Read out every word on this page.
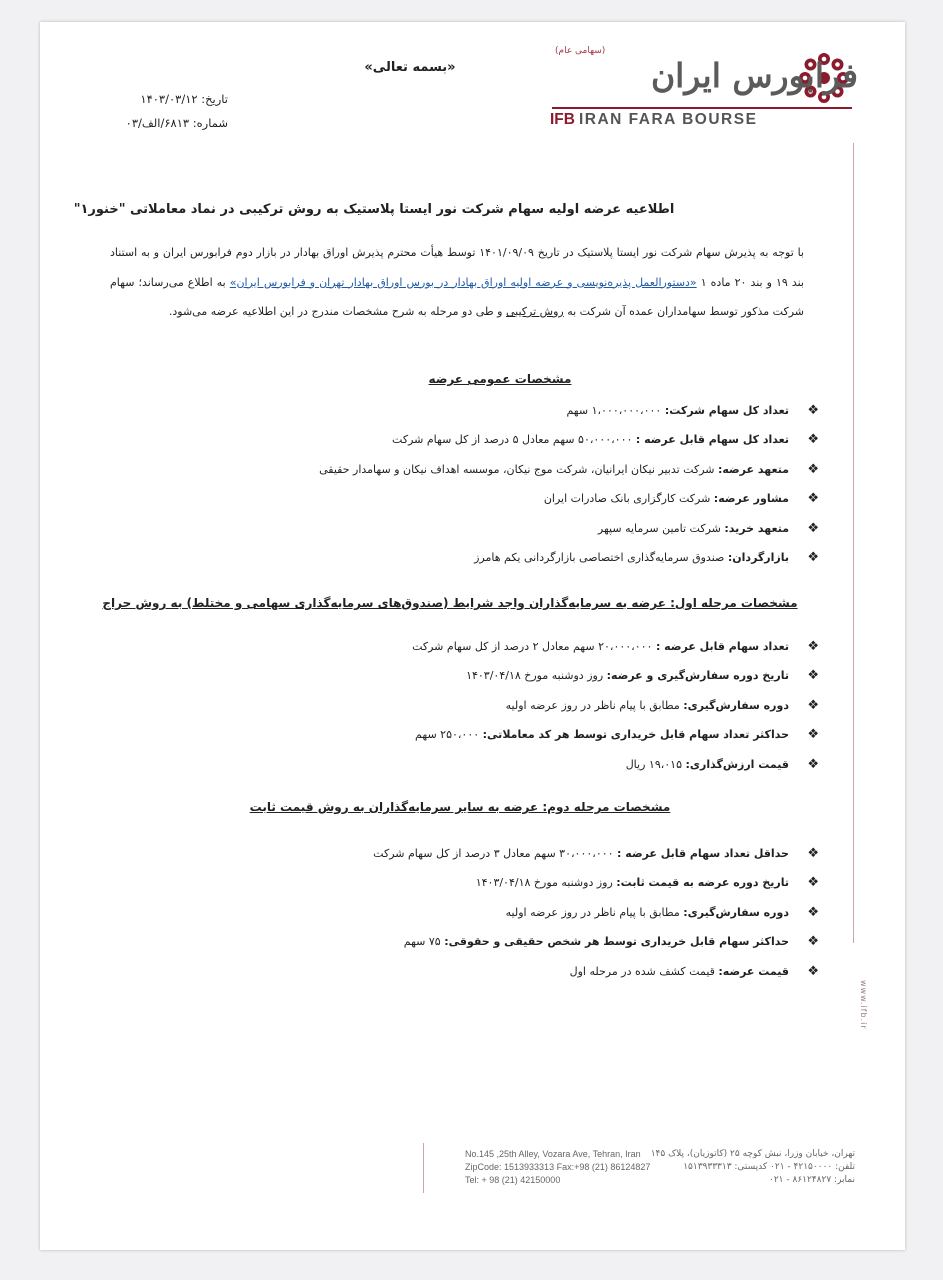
فرابورس ایران
(سهامی عام)
IFB IRAN FARA BOURSE
«بسمه تعالی»
تاریخ: ۱۴۰۳/۰۳/۱۲
شماره: ۶۸۱۳/الف/۰۳
www.ifb.ir
اطلاعیه عرضه اولیه سهام شرکت نور ایستا پلاستیک به روش ترکیبی در نماد معاملاتی "خنور۱"
با توجه به پذیرش سهام شرکت نور ایستا پلاستیک در تاریخ ۱۴۰۱/۰۹/۰۹ توسط هیأت محترم پذیرش اوراق بهادار در بازار دوم فرابورس ایران و به استناد بند ۱۹ و بند ۲۰ ماده ۱ «دستورالعمل پذیره‌نویسی و عرضه اولیه اوراق بهادار در بورس اوراق بهادار تهران و فرابورس ایران» به اطلاع می‌رساند؛ سهام شرکت مذکور توسط سهامداران عمده آن شرکت به روش ترکیبی و طی دو مرحله به شرح مشخصات مندرج در این اطلاعیه عرضه می‌شود.
مشخصات عمومی عرضه
❖
تعداد کل سهام شرکت: ۱،۰۰۰،۰۰۰،۰۰۰ سهم
❖
تعداد کل سهام قابل عرضه : ۵۰،۰۰۰،۰۰۰ سهم معادل ۵ درصد از کل سهام شرکت
❖
متعهد عرضه: شرکت تدبیر نیکان ایرانیان، شرکت موج نیکان، موسسه اهداف نیکان و سهامدار حقیقی
❖
مشاور عرضه: شرکت کارگزاری بانک صادرات ایران
❖
متعهد خرید: شرکت تامین سرمایه سپهر
❖
بازارگردان: صندوق سرمایه‌گذاری اختصاصی بازارگردانی یکم هامرز
مشخصات مرحله اول: عرضه به سرمایه‌گذاران واجد شرایط (صندوق‌های سرمایه‌گذاری سهامی و مختلط) به روش حراج
❖
تعداد سهام قابل عرضه : ۲۰،۰۰۰،۰۰۰ سهم معادل ۲ درصد از کل سهام شرکت
❖
تاریخ دوره سفارش‌گیری و عرضه: روز دوشنبه مورخ ۱۴۰۳/۰۴/۱۸
❖
دوره سفارش‌گیری: مطابق با پیام ناظر در روز عرضه اولیه
❖
حداکثر تعداد سهام قابل خریداری توسط هر کد معاملاتی: ۲۵۰،۰۰۰ سهم
❖
قیمت ارزش‌گذاری: ۱۹،۰۱۵ ریال
مشخصات مرحله دوم: عرضه به سایر سرمایه‌گذاران به روش قیمت ثابت
❖
حداقل تعداد سهام قابل عرضه : ۳۰،۰۰۰،۰۰۰ سهم معادل ۳ درصد از کل سهام شرکت
❖
تاریخ دوره عرضه به قیمت ثابت: روز دوشنبه مورخ ۱۴۰۳/۰۴/۱۸
❖
دوره سفارش‌گیری: مطابق با پیام ناظر در روز عرضه اولیه
❖
حداکثر سهام قابل خریداری توسط هر شخص حقیقی و حقوقی: ۷۵ سهم
❖
قیمت عرضه: قیمت کشف شده در مرحله اول
No.145 ,25th Alley, Vozara Ave, Tehran, Iran
ZipCode: 1513933313 Fax:+98 (21) 86124827
Tel: + 98 (21) 42150000
تهران، خیابان وزرا، نبش کوچه ۲۵ (کاتوزیان)، پلاک ۱۴۵
تلفن: ۴۲۱۵۰۰۰۰ - ۰۲۱ کدپستی: ۱۵۱۳۹۳۳۳۱۳
نمابر: ۸۶۱۲۴۸۲۷ - ۰۲۱
